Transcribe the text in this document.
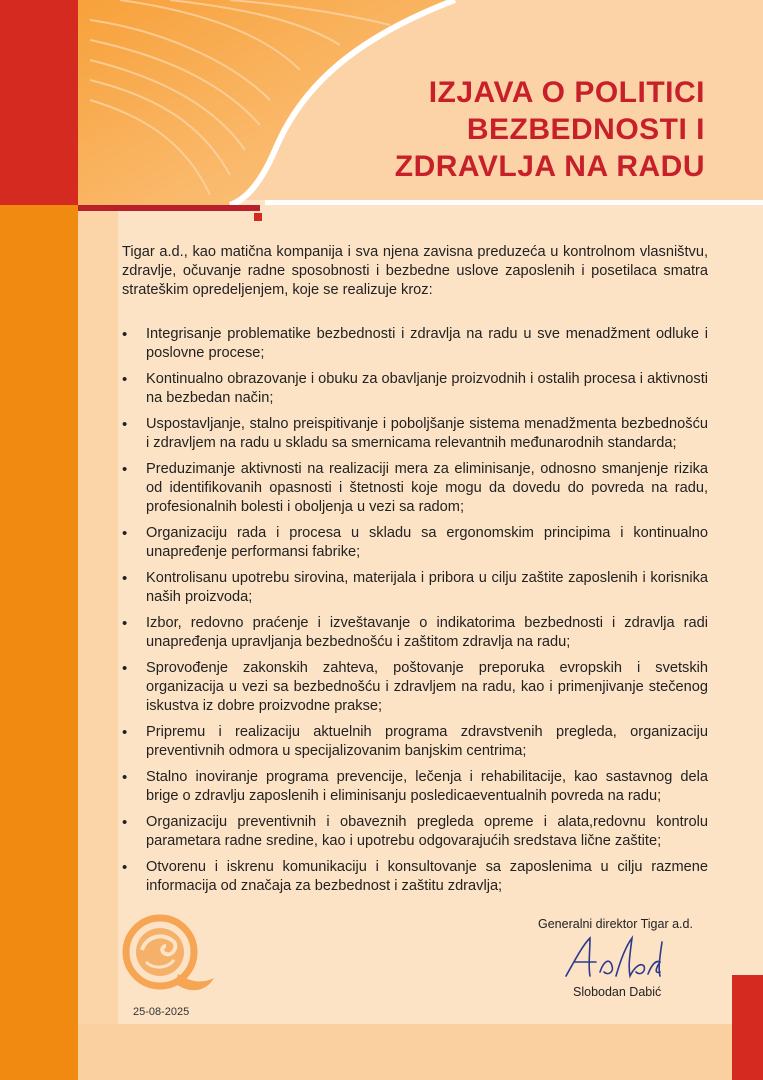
IZJAVA O POLITICI
BEZBEDNOSTI I
ZDRAVLJA NA RADU

Tigar a.d., kao matična kompanija i sva njena zavisna preduzeća u kontrolnom vlasništvu, zdravlje, očuvanje radne sposobnosti i bezbedne uslove zaposlenih i posetilaca smatra strateškim opredeljenjem, koje se realizuje kroz:

• Integrisanje problematike bezbednosti i zdravlja na radu u sve menadžment odluke i poslovne procese;
• Kontinualno obrazovanje i obuku za obavljanje proizvodnih i ostalih procesa i aktivnosti na bezbedan način;
• Uspostavljanje, stalno preispitivanje i poboljšanje sistema menadžmenta bezbednošću i zdravljem na radu u skladu sa smernicama relevantnih međunarodnih standarda;
• Preduzimanje aktivnosti na realizaciji mera za eliminisanje, odnosno smanjenje rizika od identifikovanih opasnosti i štetnosti koje mogu da dovedu do povreda na radu, profesionalnih bolesti i oboljenja u vezi sa radom;
• Organizaciju rada i procesa u skladu sa ergonomskim principima i kontinualno unapređenje performansi fabrike;
• Kontrolisanu upotrebu sirovina, materijala i pribora u cilju zaštite zaposlenih i korisnika naših proizvoda;
• Izbor, redovno praćenje i izveštavanje o indikatorima bezbednosti i zdravlja radi unapređenja upravljanja bezbednošću i zaštitom zdravlja na radu;
• Sprovođenje zakonskih zahteva, poštovanje preporuka evropskih i svetskih organizacija u vezi sa bezbednošću i zdravljem na radu, kao i primenjivanje stečenog iskustva iz dobre proizvodne prakse;
• Pripremu i realizaciju aktuelnih programa zdravstvenih pregleda, organizaciju preventivnih odmora u specijalizovanim banjskim centrima;
• Stalno inoviranje programa prevencije, lečenja i rehabilitacije, kao sastavnog dela brige o zdravlju zaposlenih i eliminisanju posledicaeventualnih povreda na radu;
• Organizaciju preventivnih i obaveznih pregleda opreme i alata,redovnu kontrolu parametara radne sredine, kao i upotrebu odgovarajućih sredstava lične zaštite;
• Otvorenu i iskrenu komunikaciju i konsultovanje sa zaposlenima u cilju razmene informacija od značaja za bezbednost i zaštitu zdravlja;
25-08-2025
Generalni direktor Tigar a.d.
Slobodan Dabić
